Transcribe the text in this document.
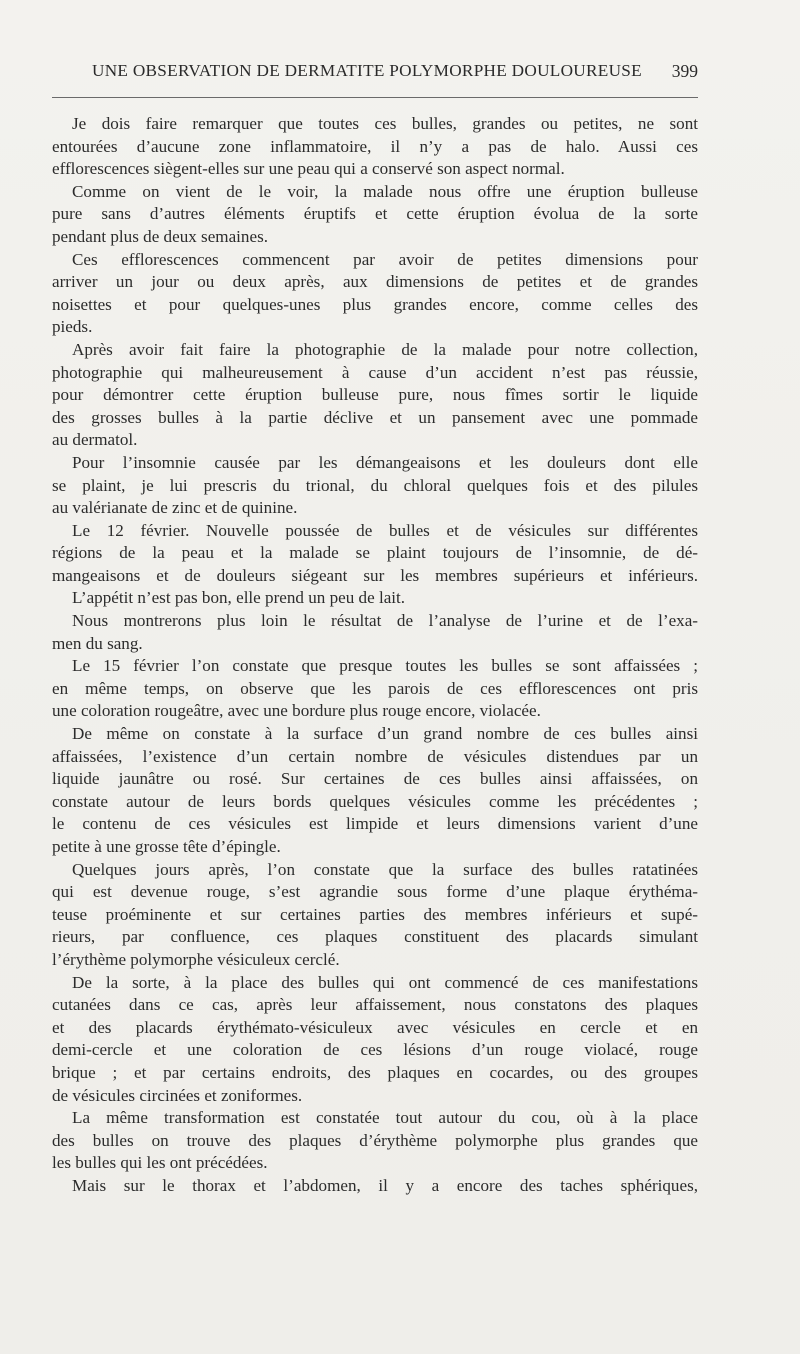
UNE OBSERVATION DE DERMATITE POLYMORPHE DOULOUREUSE 399
Je dois faire remarquer que toutes ces bulles, grandes ou petites, ne sont
entourées d’aucune zone inflammatoire, il n’y a pas de halo. Aussi ces
efflorescences siègent-elles sur une peau qui a conservé son aspect normal.
Comme on vient de le voir, la malade nous offre une éruption bulleuse
pure sans d’autres éléments éruptifs et cette éruption évolua de la sorte
pendant plus de deux semaines.
Ces efflorescences commencent par avoir de petites dimensions pour
arriver un jour ou deux après, aux dimensions de petites et de grandes
noisettes et pour quelques-unes plus grandes encore, comme celles des
pieds.
Après avoir fait faire la photographie de la malade pour notre collection,
photographie qui malheureusement à cause d’un accident n’est pas réussie,
pour démontrer cette éruption bulleuse pure, nous fîmes sortir le liquide
des grosses bulles à la partie déclive et un pansement avec une pommade
au dermatol.
Pour l’insomnie causée par les démangeaisons et les douleurs dont elle
se plaint, je lui prescris du trional, du chloral quelques fois et des pilules
au valérianate de zinc et de quinine.
Le 12 février. Nouvelle poussée de bulles et de vésicules sur différentes
régions de la peau et la malade se plaint toujours de l’insomnie, de dé-
mangeaisons et de douleurs siégeant sur les membres supérieurs et inférieurs.
L’appétit n’est pas bon, elle prend un peu de lait.
Nous montrerons plus loin le résultat de l’analyse de l’urine et de l’exa-
men du sang.
Le 15 février l’on constate que presque toutes les bulles se sont affaissées ;
en même temps, on observe que les parois de ces efflorescences ont pris
une coloration rougeâtre, avec une bordure plus rouge encore, violacée.
De même on constate à la surface d’un grand nombre de ces bulles ainsi
affaissées, l’existence d’un certain nombre de vésicules distendues par un
liquide jaunâtre ou rosé. Sur certaines de ces bulles ainsi affaissées, on
constate autour de leurs bords quelques vésicules comme les précédentes ;
le contenu de ces vésicules est limpide et leurs dimensions varient d’une
petite à une grosse tête d’épingle.
Quelques jours après, l’on constate que la surface des bulles ratatinées
qui est devenue rouge, s’est agrandie sous forme d’une plaque érythéma-
teuse proéminente et sur certaines parties des membres inférieurs et supé-
rieurs, par confluence, ces plaques constituent des placards simulant
l’érythème polymorphe vésiculeux cerclé.
De la sorte, à la place des bulles qui ont commencé de ces manifestations
cutanées dans ce cas, après leur affaissement, nous constatons des plaques
et des placards érythémato-vésiculeux avec vésicules en cercle et en
demi-cercle et une coloration de ces lésions d’un rouge violacé, rouge
brique ; et par certains endroits, des plaques en cocardes, ou des groupes
de vésicules circinées et zoniformes.
La même transformation est constatée tout autour du cou, où à la place
des bulles on trouve des plaques d’érythème polymorphe plus grandes que
les bulles qui les ont précédées.
Mais sur le thorax et l’abdomen, il y a encore des taches sphériques,
